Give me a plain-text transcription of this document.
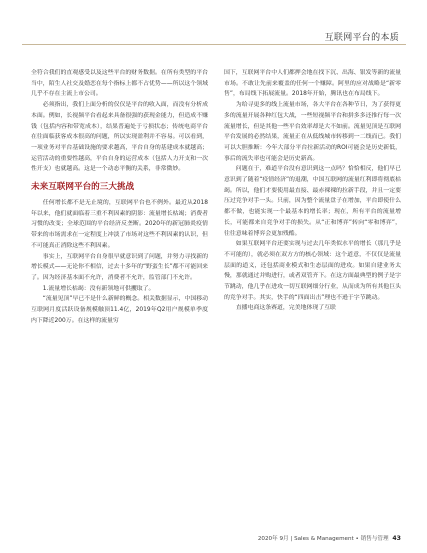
互联网平台的本质

全符合我们的直观感受以及这些平台的财务数据。在所有类型的平台当中，陌生人社交及婚恋在每个指标上都不占优势——所以这个领域几乎不存在主流上市公司。

必须指出，我们上面分析的仅仅是平台的收入面，而没有分析成本面。例如，长视频平台看起来具备很强的获现金能力，但造成不赚钱（包括内容和带宽成本），结果普遍处于亏损状态；传统电商平台在往面临获客成本很高的问题，所以实现盈利并不容易。可以看到，一项业务对平台基础设施的要求越高，平台自身的基建成本就越高；运营活动的重要性越高，平台自身的运营成本（包括人力开支和一次性开支）也就越高。这是一个动态平衡的关系，非常微妙。

未来互联网平台的三大挑战

任何增长都不是无止境的，互联网平台也不例外。最近从2018年以来，他们就面临着三重不利因素的阴影：流量增长枯竭；消费者习惯的改变；全球范围的平台经济反垄断。2020年的新冠肺炎疫情带来的市场需求在一定程度上冲淡了市场对这些不利因素的认识，但不可能真正消除这些不利因素。

事实上，互联网平台自身很早就意识到了问题，并努力寻找新的增长模式——无论你不相信，过去十多年的“野蛮生长”都不可能回来了。因为经济基本面不允许，消费者不允许，监管部门不允许。

1.流量增长枯竭：没有新领地可供攫取了。

“流量见顶”早已不是什么新鲜的概念。相关数据显示，中国移动互联网月度活跃设备规模触顶11.4亿，2019年Q2用户规模单季度内下降近200万。在这样的流量穷

国下，互联网平台中人们都押会地在找下沉、出海、银发等新的流量市场。不敢让先前来覆盖的任何一个赚障。阿里的应对战略是“新零售”，布局线下拓展流量。2018年开始，腾讯也在布局线下。

为给寻更多的线上流量市场，各大平台在各种节日，为了获得更多的流量开展各种红包大战，一些短视频平台和拼多多还推行每一次流量增长，但是其他一些平台效率却是大不如前。流量见顶是互联网平台发展的必然结果，流量正在从低线城市转移到一二线而已。我们可以大胆推断：今年大部分平台拉新活动的ROI可能会是历史新低，事后的流失率也可能会是历史新高。

问题在于，难道平台没有意识到这一点吗？恰恰相反，他们早已意识到了随着“疫情经济”的退潮，中国互联网的流量红利即将彻底枯竭。所以，他们才要使用最直接、最赤裸裸的拉新手段，并且一定要压过竞争对手一头。只前，因为整个流量盘子在增加，平台即使什么都不做，也能实现一个最基本的增长率；现在，所有平台的流量增长，可能都来自竞争对手的损失。从“正和博弈”转向“零和博弈”，往往意味着博弈会更加残酷。

如果互联网平台还要实现与过去几年类似水平的增长（那几乎是不可能的），就必须在双方方的核心领域：这个道意，不仅仅是流量层面的道义，还包括商业模式和生态层面的进攻。如果自建业务太慢，那就通过并购进行，或者双管齐下。在这方面最典型的例子是字节跳动，他几乎在进攻一切互联网细分行业，从而成为所有其他巨头的竞争对手。其实，快手的“四面出击”理也不逊于字节跳动。

直播电商这条赛道，完美地体现了互联

2020年 9月 | Sales & Management • 销售与管理 43
